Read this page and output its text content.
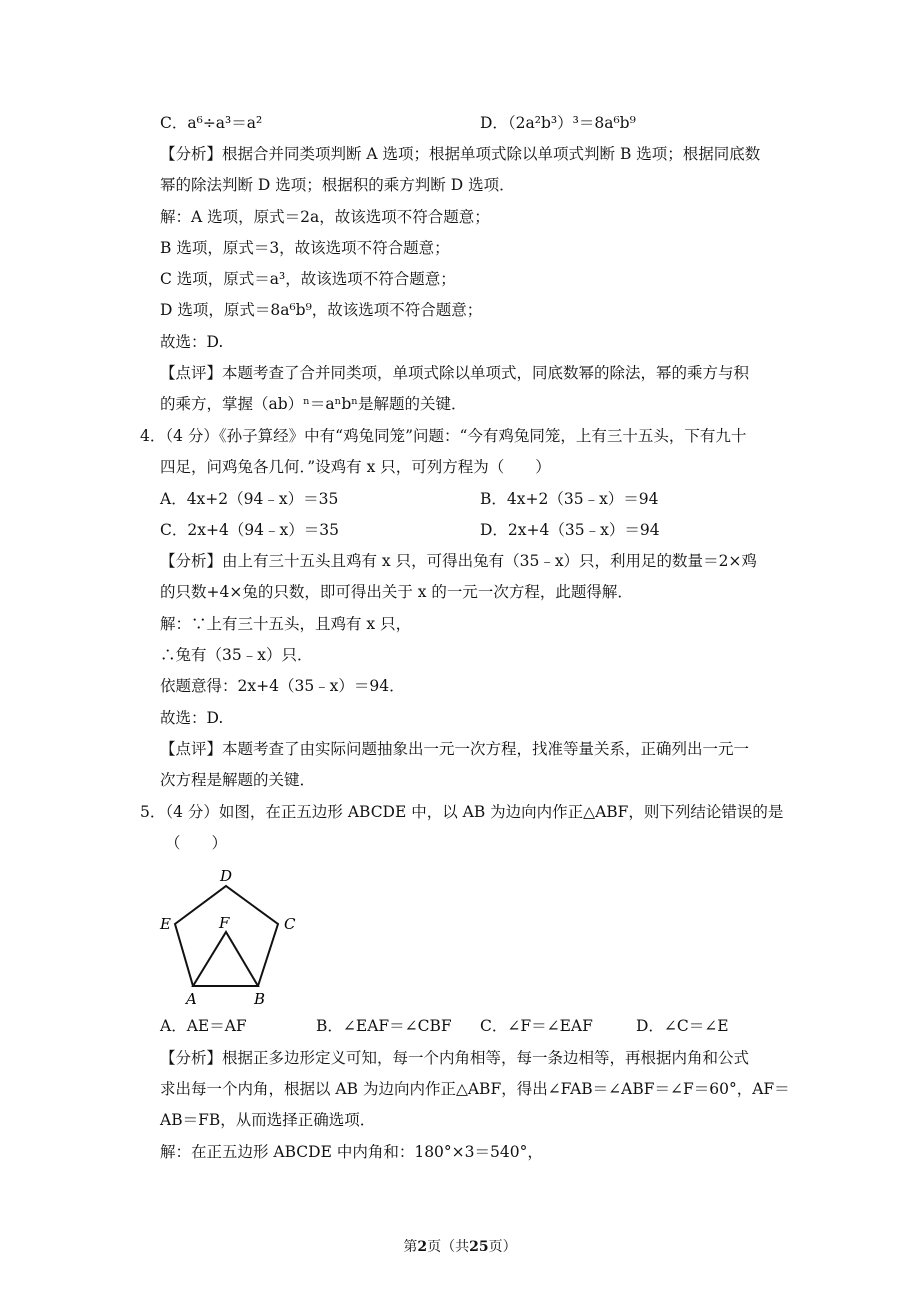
C．a⁶÷a³＝a²	D．（2a²b³）³＝8a⁶b⁹
【分析】根据合并同类项判断 A 选项；根据单项式除以单项式判断 B 选项；根据同底数
幂的除法判断 D 选项；根据积的乘方判断 D 选项．
解：A 选项，原式＝2a，故该选项不符合题意；
B 选项，原式＝3，故该选项不符合题意；
C 选项，原式＝a³，故该选项不符合题意；
D 选项，原式＝8a⁶b⁹，故该选项不符合题意；
故选：D.
【点评】本题考查了合并同类项，单项式除以单项式，同底数幂的除法，幂的乘方与积
的乘方，掌握（ab）ⁿ＝aⁿbⁿ是解题的关键．
4．（4 分）《孙子算经》中有“鸡兔同笼”问题：“今有鸡兔同笼，上有三十五头，下有九十
四足，问鸡兔各几何．”设鸡有 x 只，可列方程为（　　）
A．4x+2（94﹣x）＝35	B．4x+2（35﹣x）＝94
C．2x+4（94﹣x）＝35	D．2x+4（35﹣x）＝94
【分析】由上有三十五头且鸡有 x 只，可得出兔有（35﹣x）只，利用足的数量＝2×鸡
的只数+4×兔的只数，即可得出关于 x 的一元一次方程，此题得解．
解：∵上有三十五头，且鸡有 x 只，
∴兔有（35﹣x）只．
依题意得：2x+4（35﹣x）＝94．
故选：D.
【点评】本题考查了由实际问题抽象出一元一次方程，找准等量关系，正确列出一元一
次方程是解题的关键．
5．（4 分）如图，在正五边形 ABCDE 中，以 AB 为边向内作正△ABF，则下列结论错误的是
（　　）
D
E	C
F
A	B
A．AE＝AF	B．∠EAF＝∠CBF C．∠F＝∠EAF	D．∠C＝∠E
【分析】根据正多边形定义可知，每一个内角相等，每一条边相等，再根据内角和公式
求出每一个内角，根据以 AB 为边向内作正△ABF，得出∠FAB＝∠ABF＝∠F＝60°，AF＝
AB＝FB，从而选择正确选项．
解：在正五边形 ABCDE 中内角和：180°×3＝540°，
第2页（共25页）
